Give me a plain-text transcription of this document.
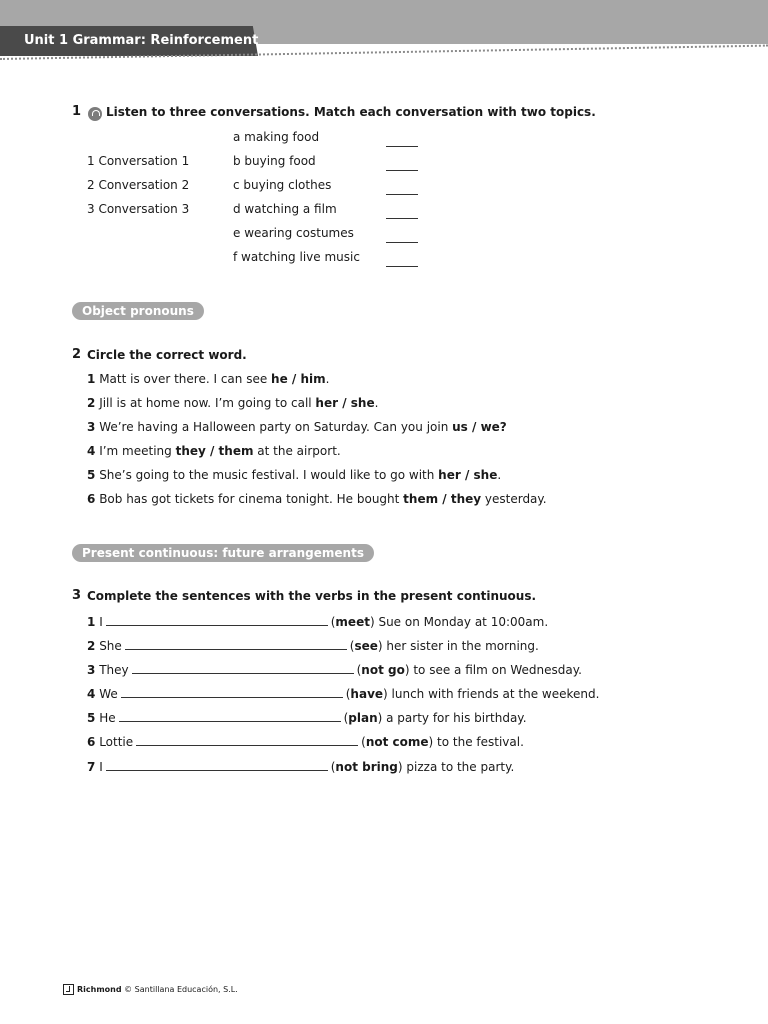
Unit 1 Grammar: Reinforcement
1 Listen to three conversations. Match each conversation with two topics.
1 Conversation 1
2 Conversation 2
3 Conversation 3
a making food
b buying food
c buying clothes
d watching a film
e wearing costumes
f watching live music
Object pronouns
2 Circle the correct word.
1 Matt is over there. I can see he / him.
2 Jill is at home now. I’m going to call her / she.
3 We’re having a Halloween party on Saturday. Can you join us / we?
4 I’m meeting they / them at the airport.
5 She’s going to the music festival. I would like to go with her / she.
6 Bob has got tickets for cinema tonight. He bought them / they yesterday.
Present continuous: future arrangements
3 Complete the sentences with the verbs in the present continuous.
1 I	(meet) Sue on Monday at 10:00am.
2 She	(see) her sister in the morning.
3 They	(not go) to see a film on Wednesday.
4 We	(have) lunch with friends at the weekend.
5 He	(plan) a party for his birthday.
6 Lottie	(not come) to the festival.
7 I	(not bring) pizza to the party.
Richmond © Santillana Educación, S.L.
